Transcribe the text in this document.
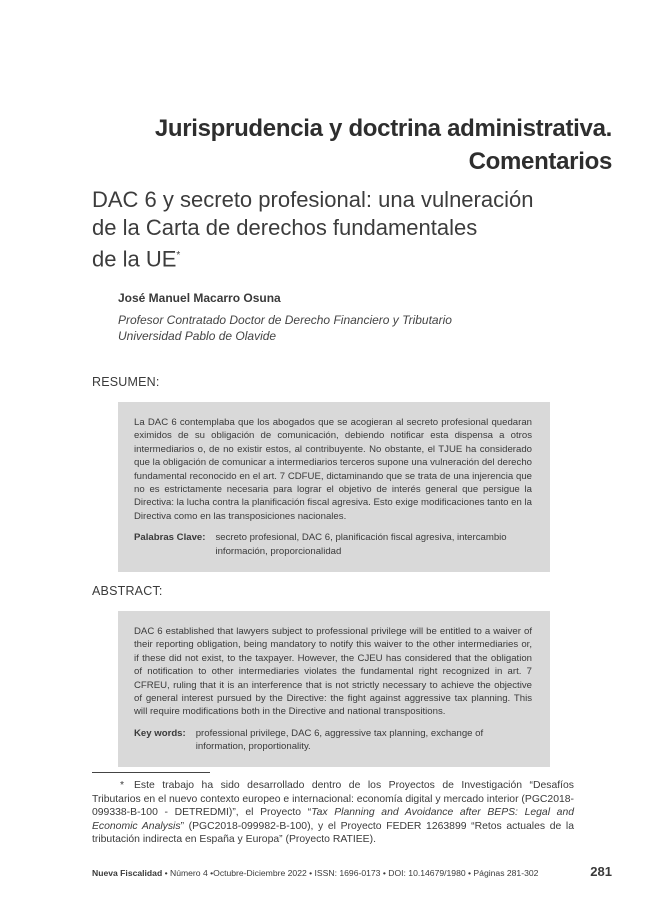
Jurisprudencia y doctrina administrativa.
Comentarios
DAC 6 y secreto profesional: una vulneración
de la Carta de derechos fundamentales
de la UE*
José Manuel Macarro Osuna
Profesor Contratado Doctor de Derecho Financiero y Tributario
Universidad Pablo de Olavide
RESUMEN:

La DAC 6 contemplaba que los abogados que se acogieran al secreto profesional quedaran eximidos de su obligación de comunicación, debiendo notificar esta dispensa a otros intermediarios o, de no existir estos, al contribuyente. No obstante, el TJUE ha considerado que la obligación de comunicar a intermediarios terceros supone una vulneración del derecho fundamental reconocido en el art. 7 CDFUE, dictaminando que se trata de una injerencia que no es estrictamente necesaria para lograr el objetivo de interés general que persigue la Directiva: la lucha contra la planificación fiscal agresiva. Esto exige modificaciones tanto en la Directiva como en las transposiciones nacionales.

Palabras Clave: secreto profesional, DAC 6, planificación fiscal agresiva, intercambio información, proporcionalidad
ABSTRACT:

DAC 6 established that lawyers subject to professional privilege will be entitled to a waiver of their reporting obligation, being mandatory to notify this waiver to the other intermediaries or, if these did not exist, to the taxpayer. However, the CJEU has considered that the obligation of notification to other intermediaries violates the fundamental right recognized in art. 7 CFREU, ruling that it is an interference that is not strictly necessary to achieve the objective of general interest pursued by the Directive: the fight against aggressive tax planning. This will require modifications both in the Directive and national transpositions.

Key words: professional privilege, DAC 6, aggressive tax planning, exchange of information, proportionality.
* Este trabajo ha sido desarrollado dentro de los Proyectos de Investigación “Desafíos Tributarios en el nuevo contexto europeo e internacional: economía digital y mercado interior (PGC2018-099338-B-100 - DETREDMI)”, el Proyecto “Tax Planning and Avoidance after BEPS: Legal and Economic Analysis” (PGC2018-099982-B-100), y el Proyecto FEDER 1263899 “Retos actuales de la tributación indirecta en España y Europa” (Proyecto RATIEE).
Nueva Fiscalidad • Número 4 •Octubre-Diciembre 2022 • ISSN: 1696-0173 • DOI: 10.14679/1980 • Páginas 281-302	281
